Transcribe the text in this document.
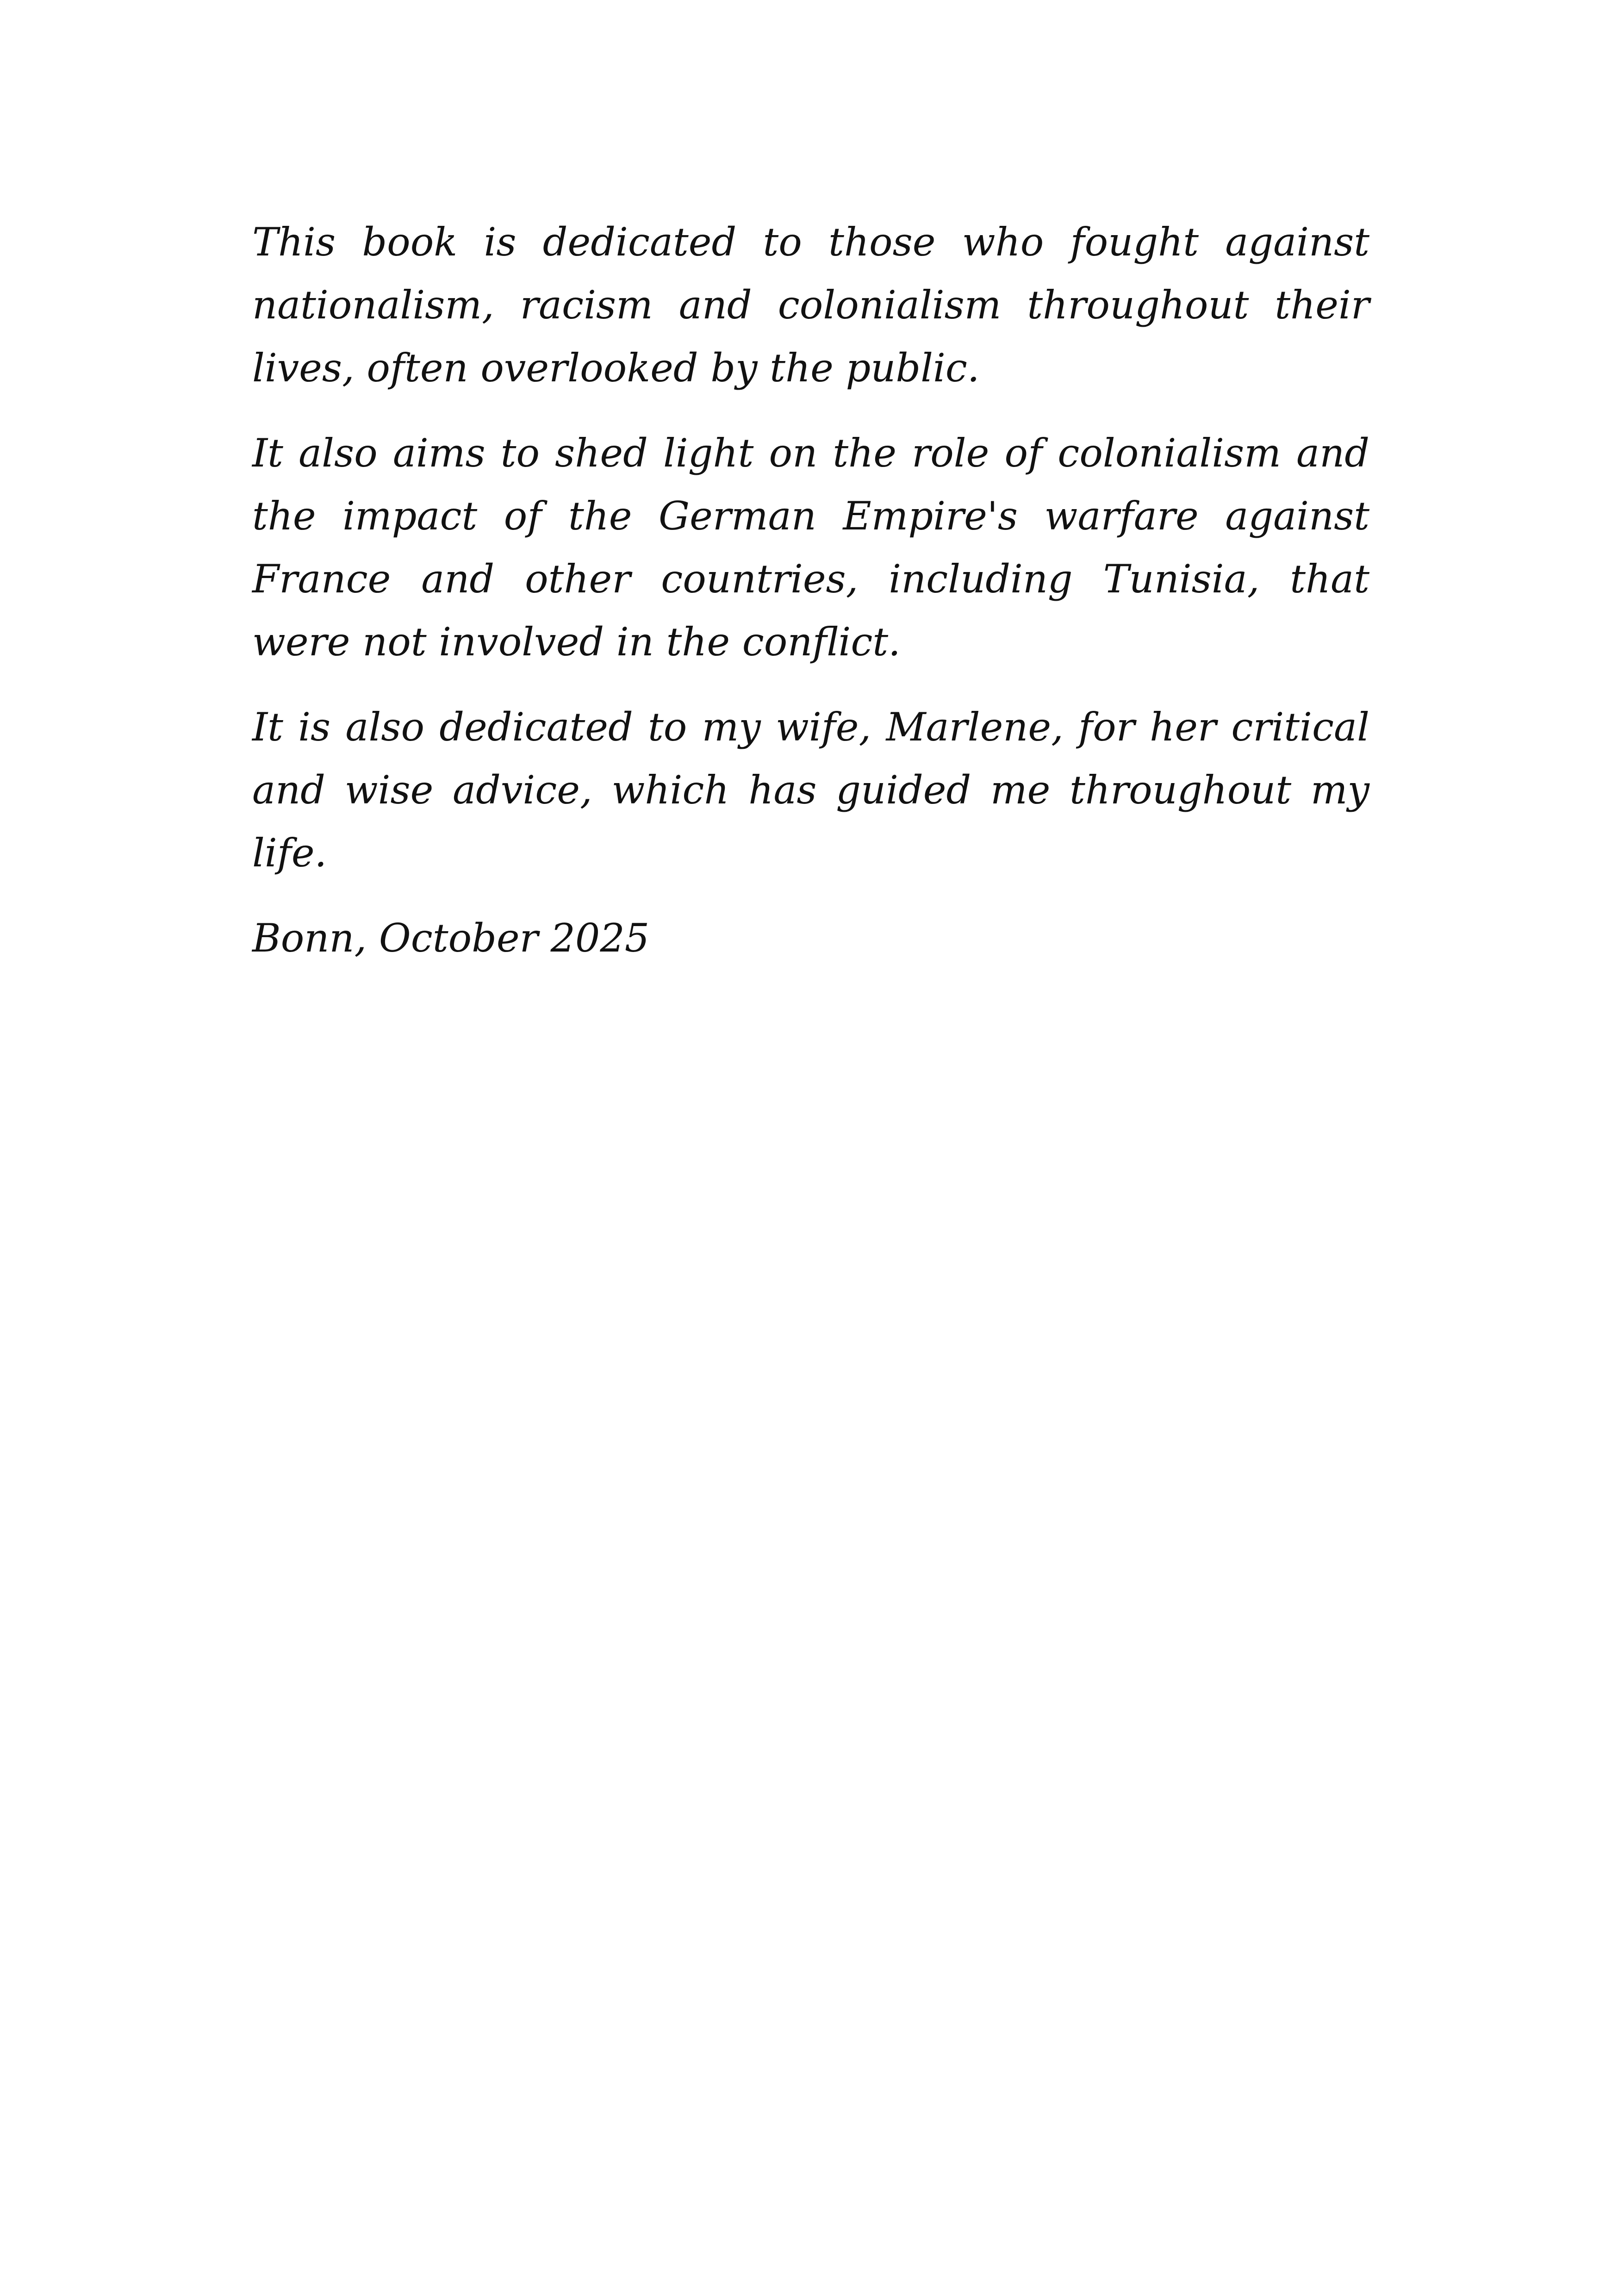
This book is dedicated to those who fought against nationalism, racism and colonialism throughout their lives, often overlooked by the public.

It also aims to shed light on the role of colonialism and the impact of the German Empire's warfare against France and other countries, including Tunisia, that were not involved in the conflict.

It is also dedicated to my wife, Marlene, for her critical and wise advice, which has guided me throughout my life.

Bonn, October 2025
